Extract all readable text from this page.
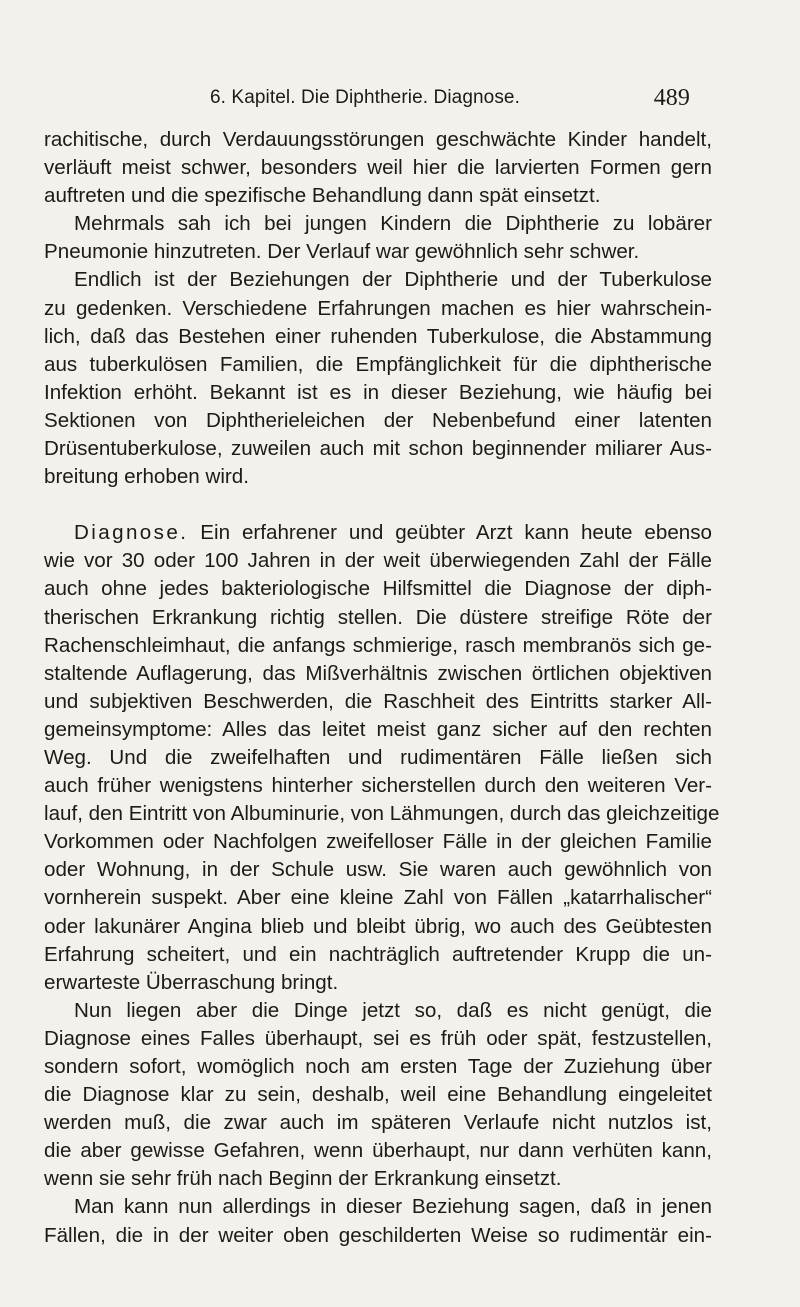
6. Kapitel. Die Diphtherie. Diagnose.	489
rachitische, durch Verdauungsstörungen geschwächte Kinder handelt,
verläuft meist schwer, besonders weil hier die larvierten Formen gern
auftreten und die spezifische Behandlung dann spät einsetzt.
Mehrmals sah ich bei jungen Kindern die Diphtherie zu lobärer
Pneumonie hinzutreten. Der Verlauf war gewöhnlich sehr schwer.
Endlich ist der Beziehungen der Diphtherie und der Tuberkulose
zu gedenken. Verschiedene Erfahrungen machen es hier wahrschein-
lich, daß das Bestehen einer ruhenden Tuberkulose, die Abstammung
aus tuberkulösen Familien, die Empfänglichkeit für die diphtherische
Infektion erhöht. Bekannt ist es in dieser Beziehung, wie häufig bei
Sektionen von Diphtherieleichen der Nebenbefund einer latenten
Drüsentuberkulose, zuweilen auch mit schon beginnender miliarer Aus-
breitung erhoben wird.
Diagnose. Ein erfahrener und geübter Arzt kann heute ebenso
wie vor 30 oder 100 Jahren in der weit überwiegenden Zahl der Fälle
auch ohne jedes bakteriologische Hilfsmittel die Diagnose der diph-
therischen Erkrankung richtig stellen. Die düstere streifige Röte der
Rachenschleimhaut, die anfangs schmierige, rasch membranös sich ge-
staltende Auflagerung, das Mißverhältnis zwischen örtlichen objektiven
und subjektiven Beschwerden, die Raschheit des Eintritts starker All-
gemeinsymptome: Alles das leitet meist ganz sicher auf den rechten
Weg. Und die zweifelhaften und rudimentären Fälle ließen sich
auch früher wenigstens hinterher sicherstellen durch den weiteren Ver-
lauf, den Eintritt von Albuminurie, von Lähmungen, durch das gleichzeitige
Vorkommen oder Nachfolgen zweifelloser Fälle in der gleichen Familie
oder Wohnung, in der Schule usw. Sie waren auch gewöhnlich von
vornherein suspekt. Aber eine kleine Zahl von Fällen „katarrhalischer“
oder lakunärer Angina blieb und bleibt übrig, wo auch des Geübtesten
Erfahrung scheitert, und ein nachträglich auftretender Krupp die un-
erwarteste Überraschung bringt.
Nun liegen aber die Dinge jetzt so, daß es nicht genügt, die
Diagnose eines Falles überhaupt, sei es früh oder spät, festzustellen,
sondern sofort, womöglich noch am ersten Tage der Zuziehung über
die Diagnose klar zu sein, deshalb, weil eine Behandlung eingeleitet
werden muß, die zwar auch im späteren Verlaufe nicht nutzlos ist,
die aber gewisse Gefahren, wenn überhaupt, nur dann verhüten kann,
wenn sie sehr früh nach Beginn der Erkrankung einsetzt.
Man kann nun allerdings in dieser Beziehung sagen, daß in jenen
Fällen, die in der weiter oben geschilderten Weise so rudimentär ein-
